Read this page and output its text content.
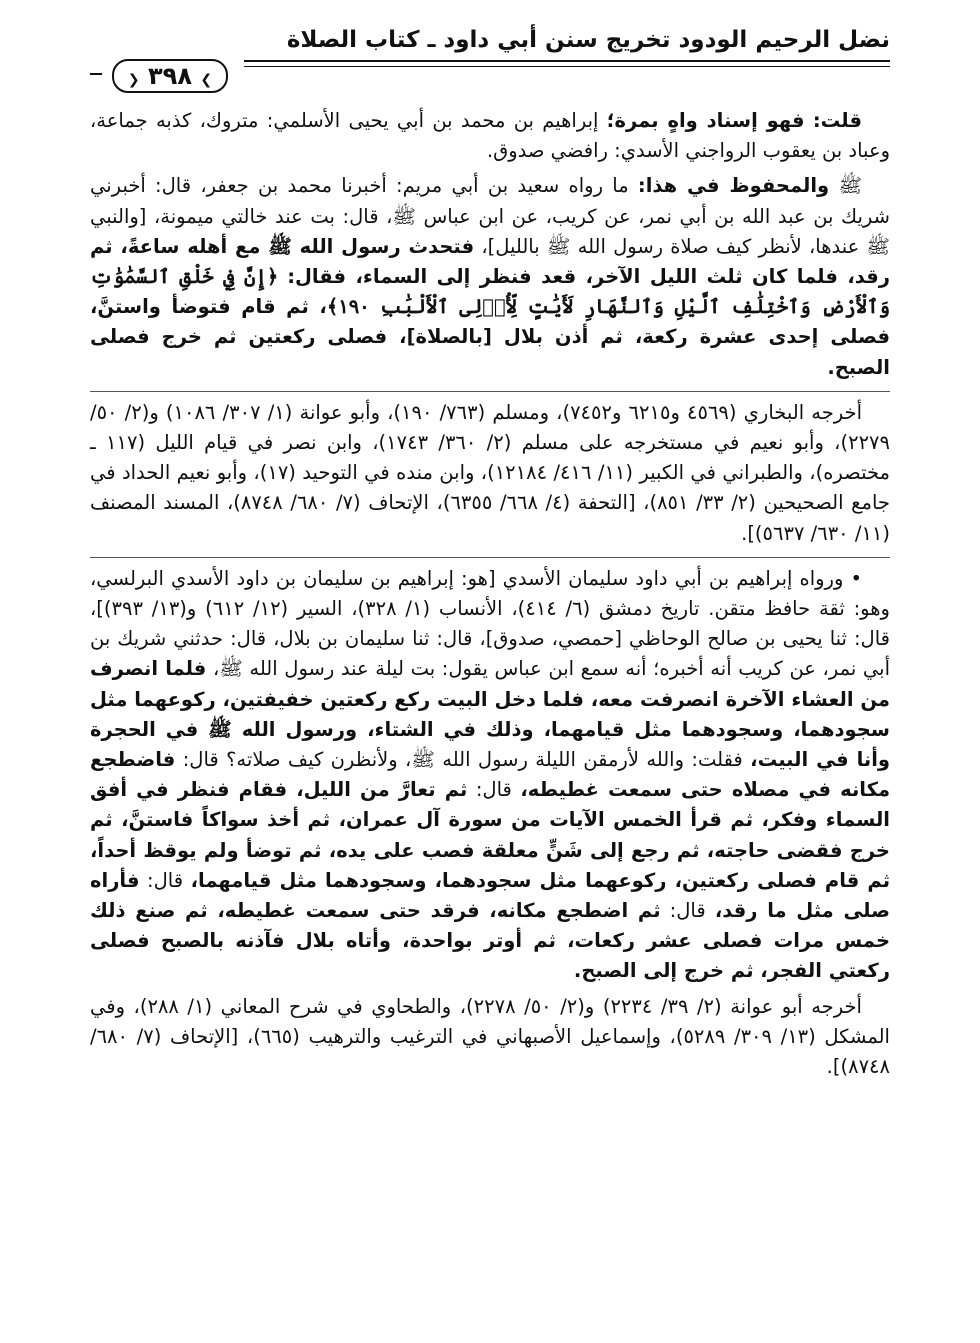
نضل الرحيم الودود تخريج سنن أبي داود ـ كتاب الصلاة
❯ ٣٩٨ ❮

قلت: فهو إسناد واهٍ بمرة؛ إبراهيم بن محمد بن أبي يحيى الأسلمي: متروك، كذبه جماعة، وعباد بن يعقوب الرواجني الأسدي: رافضي صدوق.

ﷺ والمحفوظ في هذا: ما رواه سعيد بن أبي مريم: أخبرنا محمد بن جعفر، قال: أخبرني شريك بن عبد الله بن أبي نمر، عن كريب، عن ابن عباس ﷺ، قال: بت عند خالتي ميمونة، [والنبي ﷺ عندها، لأنظر كيف صلاة رسول الله ﷺ بالليل]، فتحدث رسول الله ﷺ مع أهله ساعةً، ثم رقد، فلما كان ثلث الليل الآخر، قعد فنظر إلى السماء، فقال: ﴿إِنَّ فِي خَلْقِ ٱلسَّمَٰوَٰتِ وَٱلْأَرْضِ وَٱخْتِلَٰفِ ٱلَّيْلِ وَٱلنَّهَارِ لَأَيَٰتٍ لِّأُو۟لِى ٱلْأَلْبَٰبِ ١٩٠﴾، ثم قام فتوضأ واستنَّ، فصلى إحدى عشرة ركعة، ثم أذن بلال [بالصلاة]، فصلى ركعتين ثم خرج فصلى الصبح.

أخرجه البخاري (٤٥٦٩ و٦٢١٥ و٧٤٥٢)، ومسلم (٧٦٣/ ١٩٠)، وأبو عوانة (١/ ٣٠٧/ ١٠٨٦) و(٢/ ٥٠/ ٢٢٧٩)، وأبو نعيم في مستخرجه على مسلم (٢/ ٣٦٠/ ١٧٤٣)، وابن نصر في قيام الليل (١١٧ ـ مختصره)، والطبراني في الكبير (١١/ ٤١٦/ ١٢١٨٤)، وابن منده في التوحيد (١٧)، وأبو نعيم الحداد في جامع الصحيحين (٢/ ٣٣/ ٨٥١)، [التحفة (٤/ ٦٦٨/ ٦٣٥٥)، الإتحاف (٧/ ٦٨٠/ ٨٧٤٨)، المسند المصنف (١١/ ٦٣٠/ ٥٦٣٧)].

• ورواه إبراهيم بن أبي داود سليمان الأسدي [هو: إبراهيم بن سليمان بن داود الأسدي البرلسي، وهو: ثقة حافظ متقن. تاريخ دمشق (٦/ ٤١٤)، الأنساب (١/ ٣٢٨)، السير (١٢/ ٦١٢) و(١٣/ ٣٩٣)]، قال: ثنا يحيى بن صالح الوحاظي [حمصي، صدوق]، قال: ثنا سليمان بن بلال، قال: حدثني شريك بن أبي نمر، عن كريب أنه أخبره؛ أنه سمع ابن عباس يقول: بت ليلة عند رسول الله ﷺ، فلما انصرف من العشاء الآخرة انصرفت معه، فلما دخل البيت ركع ركعتين خفيفتين، ركوعهما مثل سجودهما، وسجودهما مثل قيامهما، وذلك في الشتاء، ورسول الله ﷺ في الحجرة وأنا في البيت، فقلت: والله لأرمقن الليلة رسول الله ﷺ، ولأنظرن كيف صلاته؟ قال: فاضطجع مكانه في مصلاه حتى سمعت غطيطه، قال: ثم تعارَّ من الليل، فقام فنظر في أفق السماء وفكر، ثم قرأ الخمس الآيات من سورة آل عمران، ثم أخذ سواكاً فاستنَّ، ثم خرج فقضى حاجته، ثم رجع إلى شَنٍّ معلقة فصب على يده، ثم توضأ ولم يوقظ أحداً، ثم قام فصلى ركعتين، ركوعهما مثل سجودهما، وسجودهما مثل قيامهما، قال: فأراه صلى مثل ما رقد، قال: ثم اضطجع مكانه، فرقد حتى سمعت غطيطه، ثم صنع ذلك خمس مرات فصلى عشر ركعات، ثم أوتر بواحدة، وأتاه بلال فآذنه بالصبح فصلى ركعتي الفجر، ثم خرج إلى الصبح.

أخرجه أبو عوانة (٢/ ٣٩/ ٢٢٣٤) و(٢/ ٥٠/ ٢٢٧٨)، والطحاوي في شرح المعاني (١/ ٢٨٨)، وفي المشكل (١٣/ ٣٠٩/ ٥٢٨٩)، وإسماعيل الأصبهاني في الترغيب والترهيب (٦٦٥)، [الإتحاف (٧/ ٦٨٠/ ٨٧٤٨)].
